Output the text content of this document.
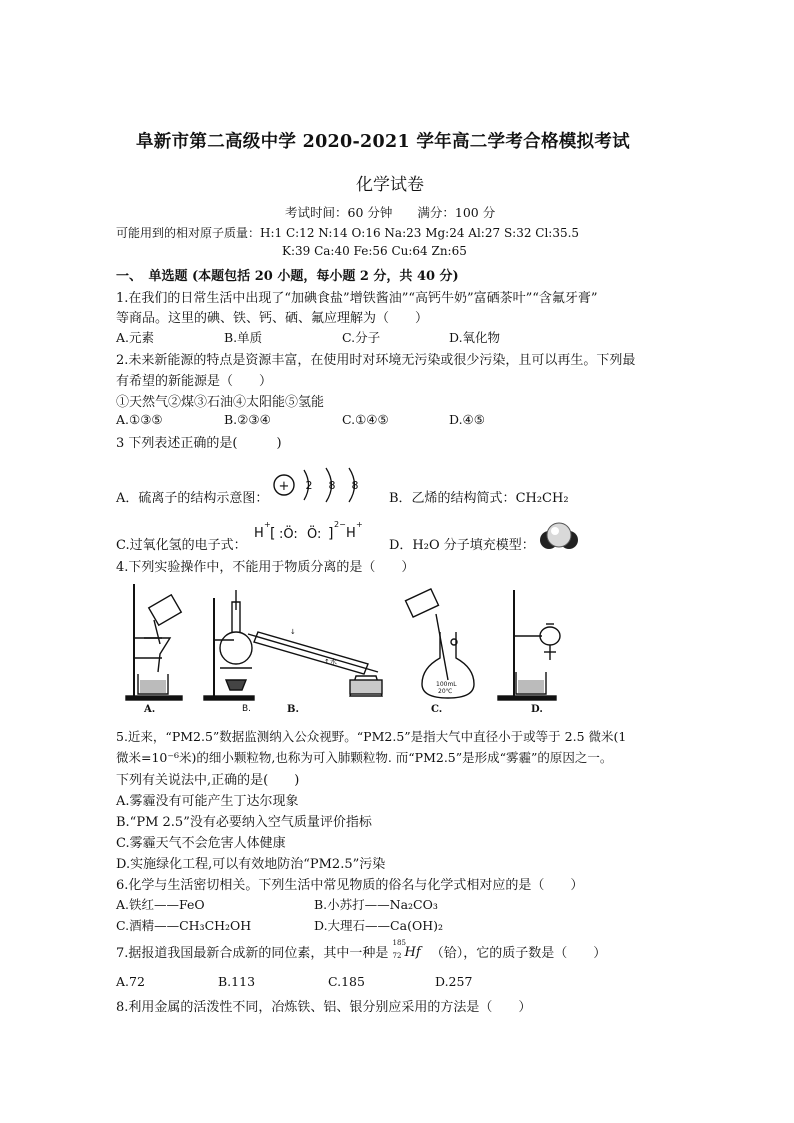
阜新市第二高级中学 2020-2021 学年高二学考合格模拟考试
化学试卷
考试时间：60 分钟　　满分：100 分
可能用到的相对原子质量：H:1 C:12 N:14 O:16 Na:23 Mg:24 Al:27 S:32 Cl:35.5
K:39 Ca:40 Fe:56 Cu:64 Zn:65
一、　单选题 (本题包括 20 小题，每小题 2 分，共 40 分)
1.在我们的日常生活中出现了“加碘食盐”增铁酱油”“高钙牛奶”富硒茶叶”“含氟牙膏”
等商品。这里的碘、铁、钙、硒、氟应理解为（　　）
A.元素	B.单质	C.分子	D.氧化物
2.未来新能源的特点是资源丰富，在使用时对环境无污染或很少污染，且可以再生。下列最
有希望的新能源是（　　）
①天然气②煤③石油④太阳能⑤氢能
A.①③⑤	B.②③④	C.①④⑤	D.④⑤
3 下列表述正确的是(　　　)
A．硫离子的结构示意图：
+ 2 8 8
B．乙烯的结构简式：CH₂CH₂
C.过氧化氢的电子式：
H
+
[ :Ö: Ö: ]
2−
H
+
D．H₂O 分子填充模型：
4.下列实验操作中，不能用于物质分离的是（　　）
↓
↑水
B.
100mL
20℃
A.	B.	C.	D.
5.近来，“PM2.5”数据监测纳入公众视野。“PM2.5”是指大气中直径小于或等于 2.5 微米(1
微米=10⁻⁶米)的细小颗粒物,也称为可入肺颗粒物. 而“PM2.5”是形成“雾霾”的原因之一。
下列有关说法中,正确的是(　　)
A.雾霾没有可能产生丁达尔现象
B.“PM 2.5”没有必要纳入空气质量评价指标
C.雾霾天气不会危害人体健康
D.实施绿化工程,可以有效地防治“PM2.5”污染
6.化学与生活密切相关。下列生活中常见物质的俗名与化学式相对应的是（　　）
A.铁红——FeO	B.小苏打——Na₂CO₃
C.酒精——CH₃CH₂OH	D.大理石——Ca(OH)₂
7.据报道我国最新合成新的同位素，其中一种是
185
72 Hf （铪），它的质子数是（　　）
A.72	B.113	C.185	D.257
8.利用金属的活泼性不同，冶炼铁、铝、银分别应采用的方法是（　　）
